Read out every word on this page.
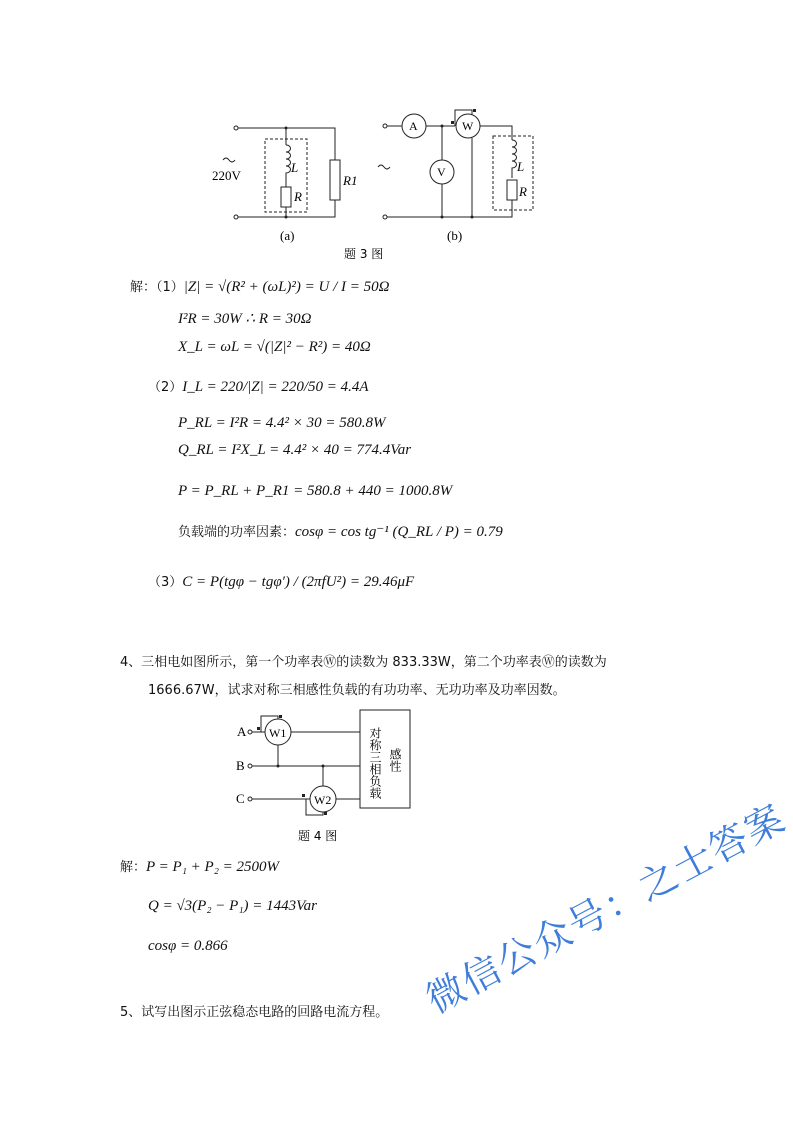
220V
L
R
R1
(a)
A	W
V	L
R
(b)
题 3 图
解：（1）|Z| = √(R² + (ωL)²) = U / I = 50Ω
I²R = 30W ∴ R = 30Ω
X_L = ωL = √(|Z|² − R²) = 40Ω
（2）I_L = 220/|Z| = 220/50 = 4.4A
P_RL = I²R = 4.4² × 30 = 580.8W
Q_RL = I²X_L = 4.4² × 40 = 774.4Var
P = P_RL + P_R1 = 580.8 + 440 = 1000.8W
负载端的功率因素：cosφ = cos tg⁻¹ (Q_RL / P) = 0.79
（3）C = P(tgφ − tgφ′) / (2πfU²) = 29.46μF
4、三相电如图所示，第一个功率表Ⓦ的读数为 833.33W，第二个功率表Ⓦ的读数为
1666.67W，试求对称三相感性负载的有功功率、无功功率及功率因数。
A
B
C
W1
W2
对称三相负载 感性
题 4 图
解：P = P₁ + P₂ = 2500W
Q = √3(P₂ − P₁) = 1443Var
cosφ = 0.866
5、试写出图示正弦稳态电路的回路电流方程。 微信公众号：之士答案
